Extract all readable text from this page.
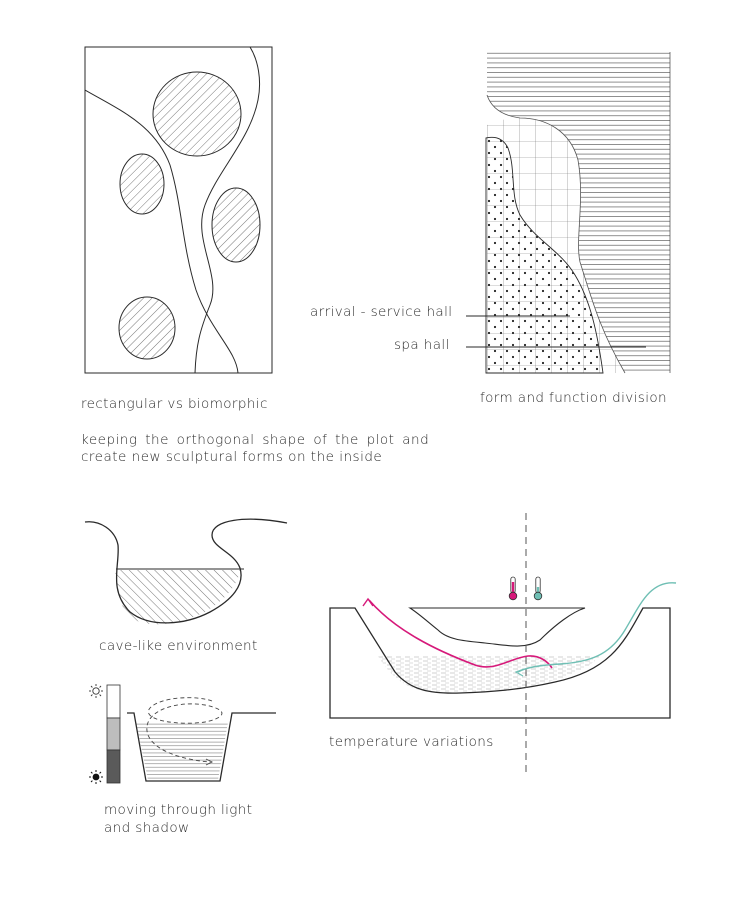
rectangular vs biomorphic	form and function division
arrival - service hall
spa hall
keeping the orthogonal shape of the plot and
create new sculptural forms on the inside
cave-like environment
moving through light
and shadow
temperature variations
